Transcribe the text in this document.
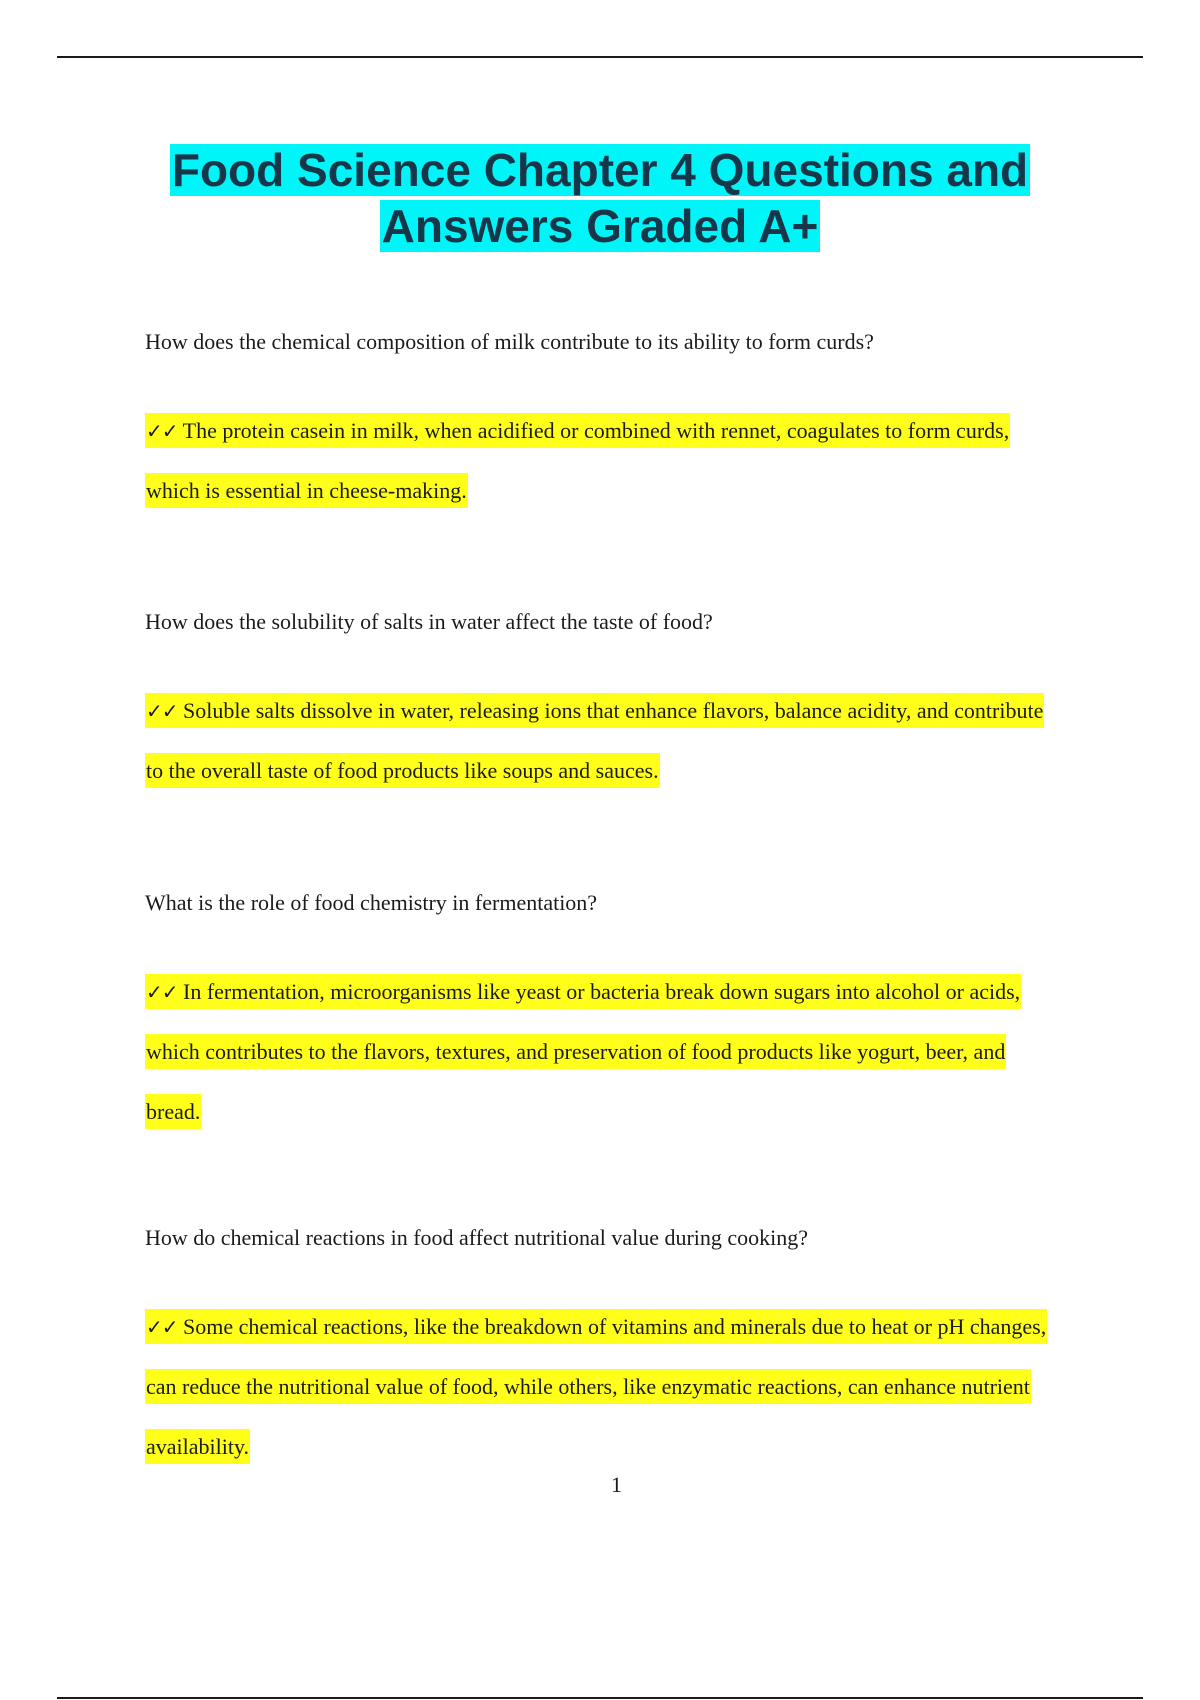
Food Science Chapter 4 Questions and Answers Graded A+

How does the chemical composition of milk contribute to its ability to form curds?

✓✓ The protein casein in milk, when acidified or combined with rennet, coagulates to form curds, which is essential in cheese-making.

How does the solubility of salts in water affect the taste of food?

✓✓ Soluble salts dissolve in water, releasing ions that enhance flavors, balance acidity, and contribute to the overall taste of food products like soups and sauces.

What is the role of food chemistry in fermentation?

✓✓ In fermentation, microorganisms like yeast or bacteria break down sugars into alcohol or acids, which contributes to the flavors, textures, and preservation of food products like yogurt, beer, and bread.

How do chemical reactions in food affect nutritional value during cooking?

✓✓ Some chemical reactions, like the breakdown of vitamins and minerals due to heat or pH changes, can reduce the nutritional value of food, while others, like enzymatic reactions, can enhance nutrient availability.

1
